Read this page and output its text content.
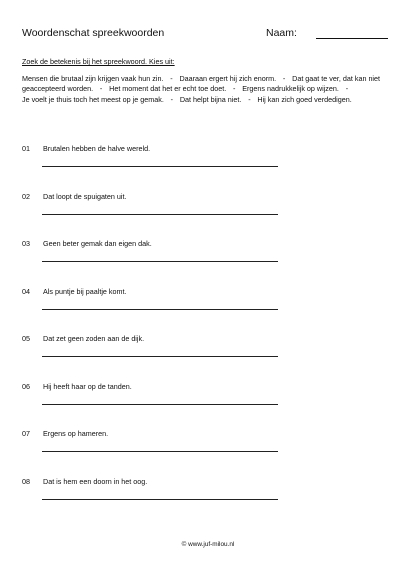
Woordenschat spreekwoorden	Naam:
Zoek de betekenis bij het spreekwoord. Kies uit:
Mensen die brutaal zijn krijgen vaak hun zin. - Daaraan ergert hij zich enorm. - Dat gaat te ver, dat kan niet geaccepteerd worden. - Het moment dat het er echt toe doet. - Ergens nadrukkelijk op wijzen. - Je voelt je thuis toch het meest op je gemak. - Dat helpt bijna niet. - Hij kan zich goed verdedigen.
01 Brutalen hebben de halve wereld.
02 Dat loopt de spuigaten uit.
03 Geen beter gemak dan eigen dak.
04 Als puntje bij paaltje komt.
05 Dat zet geen zoden aan de dijk.
06 Hij heeft haar op de tanden.
07 Ergens op hameren.
08 Dat is hem een doorn in het oog.
© www.juf-milou.nl
